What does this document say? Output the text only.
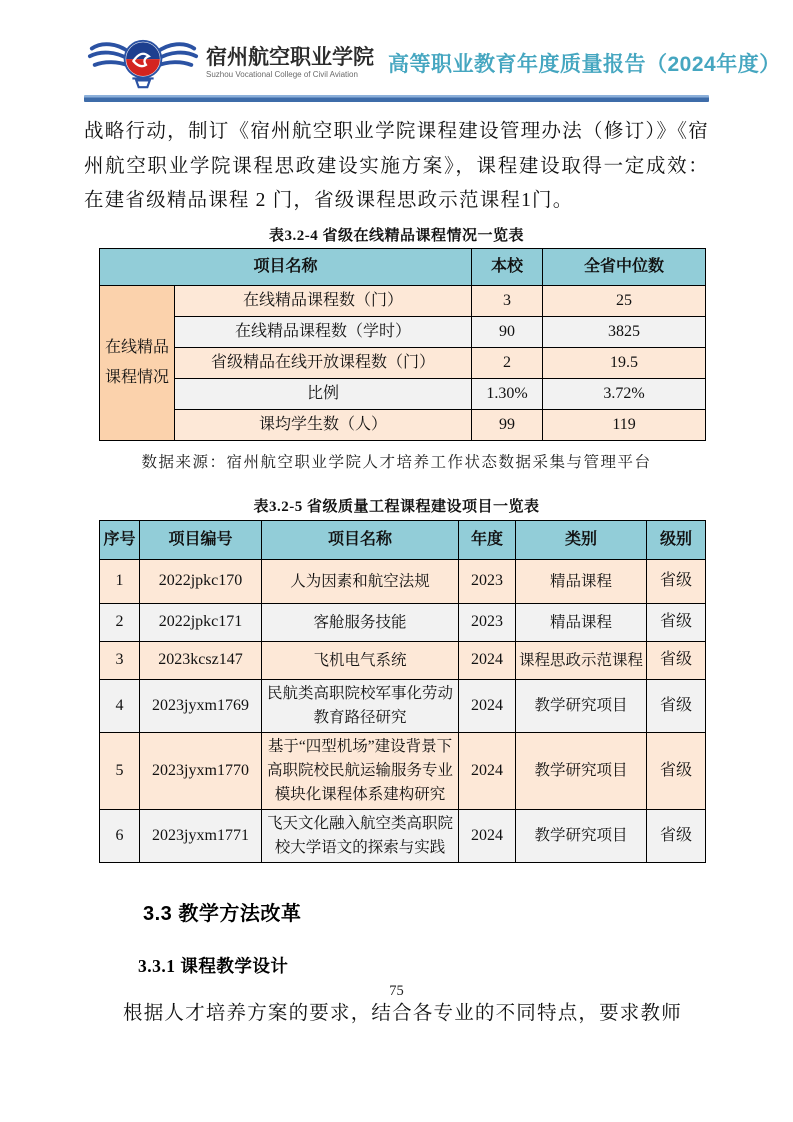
宿州航空职业学院
Suzhou Vocational College of Civil Aviation	高等职业教育年度质量报告（2024年度）
战略行动，制订《宿州航空职业学院课程建设管理办法（修订）》《宿州航空职业学院课程思政建设实施方案》，课程建设取得一定成效：在建省级精品课程 2 门，省级课程思政示范课程1门。
表3.2-4 省级在线精品课程情况一览表
项目名称		本校	全省中位数
在线精品课程情况	在线精品课程数（门）	3	25
	在线精品课程数（学时）	90	3825
	省级精品在线开放课程数（门）	2	19.5
	比例	1.30%	3.72%
	课均学生数（人）	99	119
数据来源：宿州航空职业学院人才培养工作状态数据采集与管理平台
表3.2-5 省级质量工程课程建设项目一览表
序号	项目编号	项目名称	年度	类别	级别
1	2022jpkc170	人为因素和航空法规	2023	精品课程	省级
2	2022jpkc171	客舱服务技能	2023	精品课程	省级
3	2023kcsz147	飞机电气系统	2024	课程思政示范课程	省级
4	2023jyxm1769	民航类高职院校军事化劳动教育路径研究	2024	教学研究项目	省级
5	2023jyxm1770	基于“四型机场”建设背景下高职院校民航运输服务专业模块化课程体系建构研究	2024	教学研究项目	省级
6	2023jyxm1771	飞天文化融入航空类高职院校大学语文的探索与实践	2024	教学研究项目	省级
3.3 教学方法改革
3.3.1 课程教学设计
根据人才培养方案的要求，结合各专业的不同特点，要求教师
75
